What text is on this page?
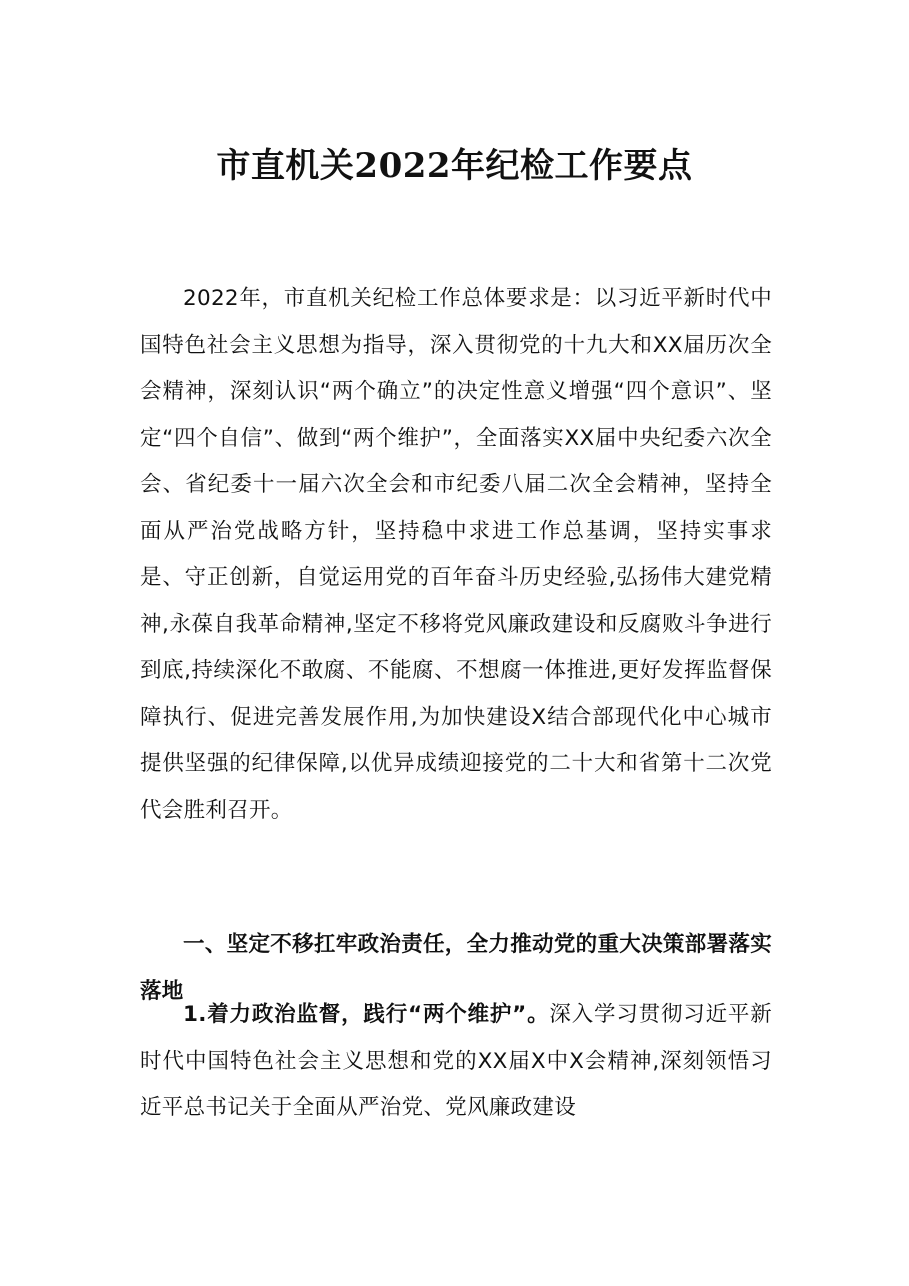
市直机关2022年纪检工作要点

2022年，市直机关纪检工作总体要求是：以习近平新时代中国特色社会主义思想为指导，深入贯彻党的十九大和XX届历次全会精神，深刻认识“两个确立”的决定性意义增强“四个意识”、坚定“四个自信”、做到“两个维护”，全面落实XX届中央纪委六次全会、省纪委十一届六次全会和市纪委八届二次全会精神，坚持全面从严治党战略方针，坚持稳中求进工作总基调，坚持实事求是、守正创新，自觉运用党的百年奋斗历史经验,弘扬伟大建党精神,永葆自我革命精神,坚定不移将党风廉政建设和反腐败斗争进行到底,持续深化不敢腐、不能腐、不想腐一体推进,更好发挥监督保障执行、促进完善发展作用,为加快建设X结合部现代化中心城市提供坚强的纪律保障,以优异成绩迎接党的二十大和省第十二次党代会胜利召开。

一、坚定不移扛牢政治责任，全力推动党的重大决策部署落实落地

1.着力政治监督，践行“两个维护”。深入学习贯彻习近平新时代中国特色社会主义思想和党的XX届X中X会精神,深刻领悟习近平总书记关于全面从严治党、党风廉政建设
